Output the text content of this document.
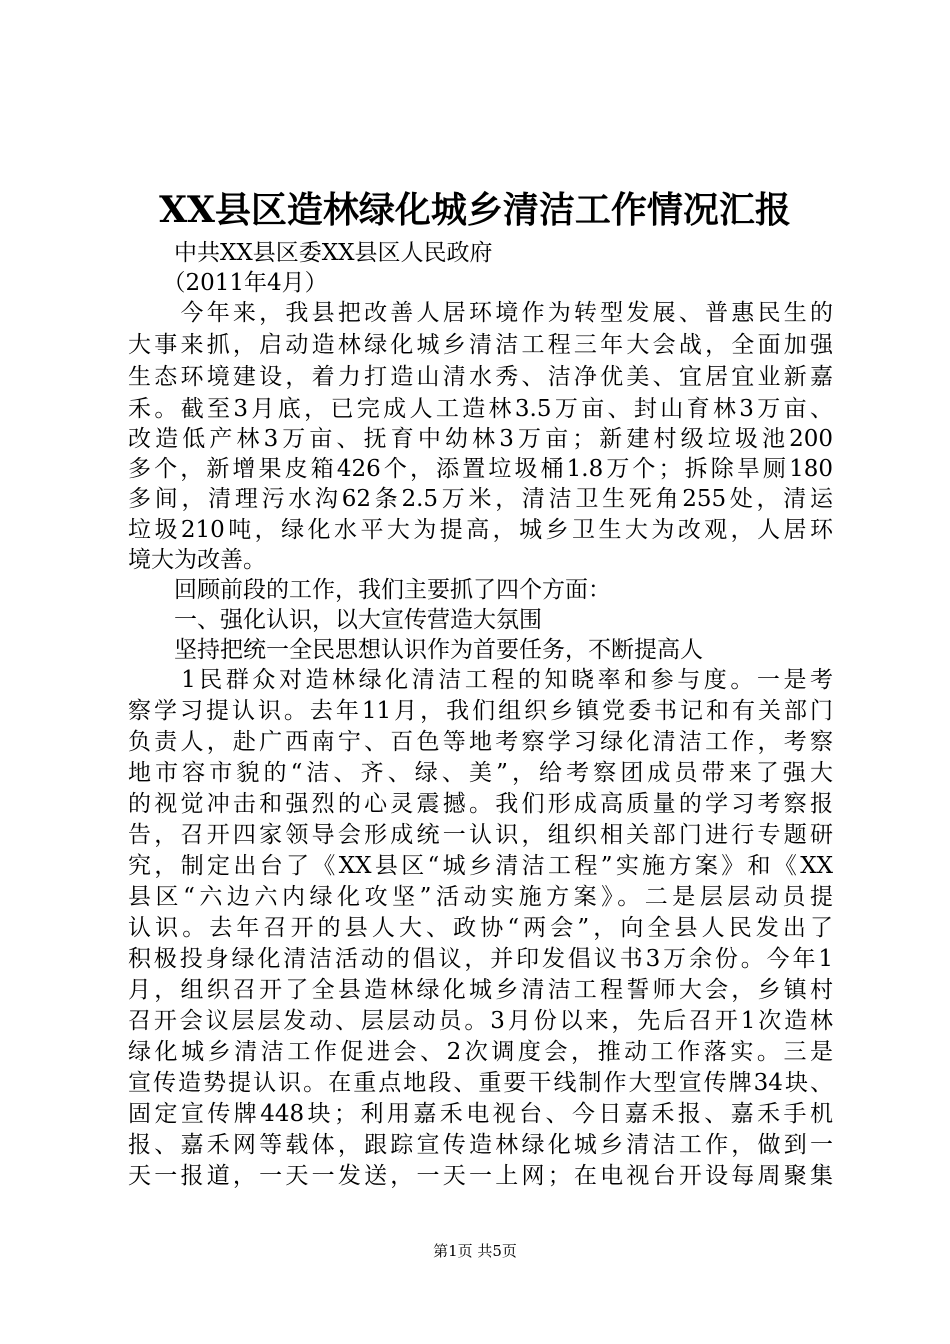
XX县区造林绿化城乡清洁工作情况汇报
　　中共XX县区委XX县区人民政府
　　（2011年4月）
　　今年来，我县把改善人居环境作为转型发展、普惠民生的
大事来抓，启动造林绿化城乡清洁工程三年大会战，全面加强
生态环境建设，着力打造山清水秀、洁净优美、宜居宜业新嘉
禾。截至3月底，已完成人工造林3.5万亩、封山育林3万亩、
改造低产林3万亩、抚育中幼林3万亩；新建村级垃圾池200
多个，新增果皮箱426个，添置垃圾桶1.8万个；拆除旱厕180
多间，清理污水沟62条2.5万米，清洁卫生死角255处，清运
垃圾210吨，绿化水平大为提高，城乡卫生大为改观，人居环
境大为改善。
　　回顾前段的工作，我们主要抓了四个方面：
　　一、强化认识，以大宣传营造大氛围
　　坚持把统一全民思想认识作为首要任务，不断提高人
　　1民群众对造林绿化清洁工程的知晓率和参与度。一是考
察学习提认识。去年11月，我们组织乡镇党委书记和有关部门
负责人，赴广西南宁、百色等地考察学习绿化清洁工作，考察
地市容市貌的“洁、齐、绿、美”，给考察团成员带来了强大
的视觉冲击和强烈的心灵震撼。我们形成高质量的学习考察报
告，召开四家领导会形成统一认识，组织相关部门进行专题研
究，制定出台了《XX县区“城乡清洁工程”实施方案》和《XX
县区“六边六内绿化攻坚”活动实施方案》。二是层层动员提
认识。去年召开的县人大、政协“两会”，向全县人民发出了
积极投身绿化清洁活动的倡议，并印发倡议书3万余份。今年1
月，组织召开了全县造林绿化城乡清洁工程誓师大会，乡镇村
召开会议层层发动、层层动员。3月份以来，先后召开1次造林
绿化城乡清洁工作促进会、2次调度会，推动工作落实。三是
宣传造势提认识。在重点地段、重要干线制作大型宣传牌34块、
固定宣传牌448块；利用嘉禾电视台、今日嘉禾报、嘉禾手机
报、嘉禾网等载体，跟踪宣传造林绿化城乡清洁工作，做到一
天一报道，一天一发送，一天一上网；在电视台开设每周聚集
第1页 共5页
